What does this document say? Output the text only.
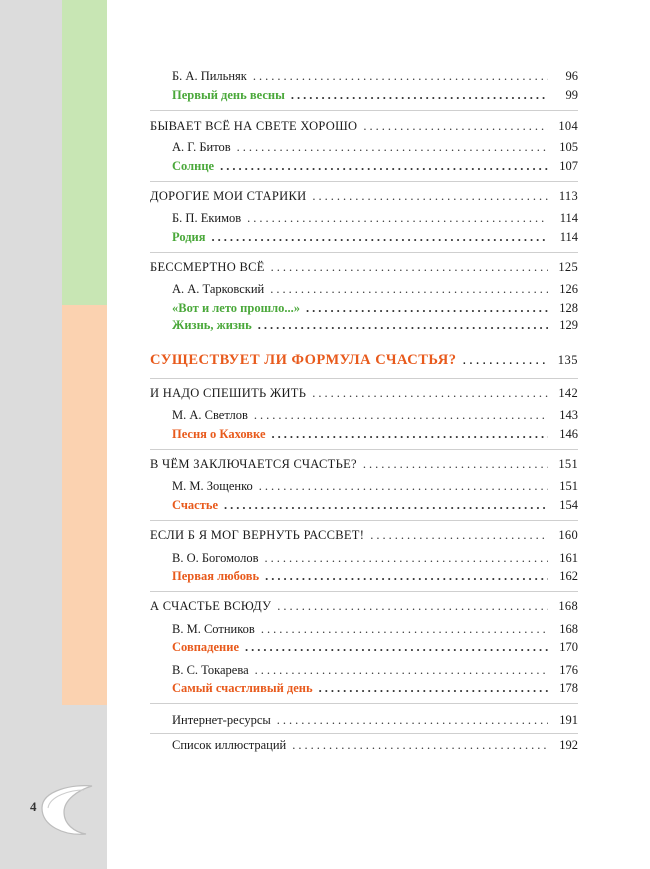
4
Б. А. Пильняк .....	96
Первый день весны .....	99
БЫВАЕТ ВСЁ НА СВЕТЕ ХОРОШО .....	104
А. Г. Битов .....	105
Солнце .....	107
ДОРОГИЕ МОИ СТАРИКИ .....	113
Б. П. Екимов .....	114
Родия .....	114
БЕССМЕРТНО ВСЁ .....	125
А. А. Тарковский .....	126
«Вот и лето прошло...» .....	128
Жизнь, жизнь .....	129
СУЩЕСТВУЕТ ЛИ ФОРМУЛА СЧАСТЬЯ? .....	135
И НАДО СПЕШИТЬ ЖИТЬ .....	142
М. А. Светлов .....	143
Песня о Каховке .....	146
В ЧЁМ ЗАКЛЮЧАЕТСЯ СЧАСТЬЕ? .....	151
М. М. Зощенко .....	151
Счастье .....	154
ЕСЛИ Б Я МОГ ВЕРНУТЬ РАССВЕТ! .....	160
В. О. Богомолов .....	161
Первая любовь .....	162
А СЧАСТЬЕ ВСЮДУ .....	168
В. М. Сотников .....	168
Совпадение .....	170
В. С. Токарева .....	176
Самый счастливый день .....	178
Интернет-ресурсы .....	191
Список иллюстраций .....	192
